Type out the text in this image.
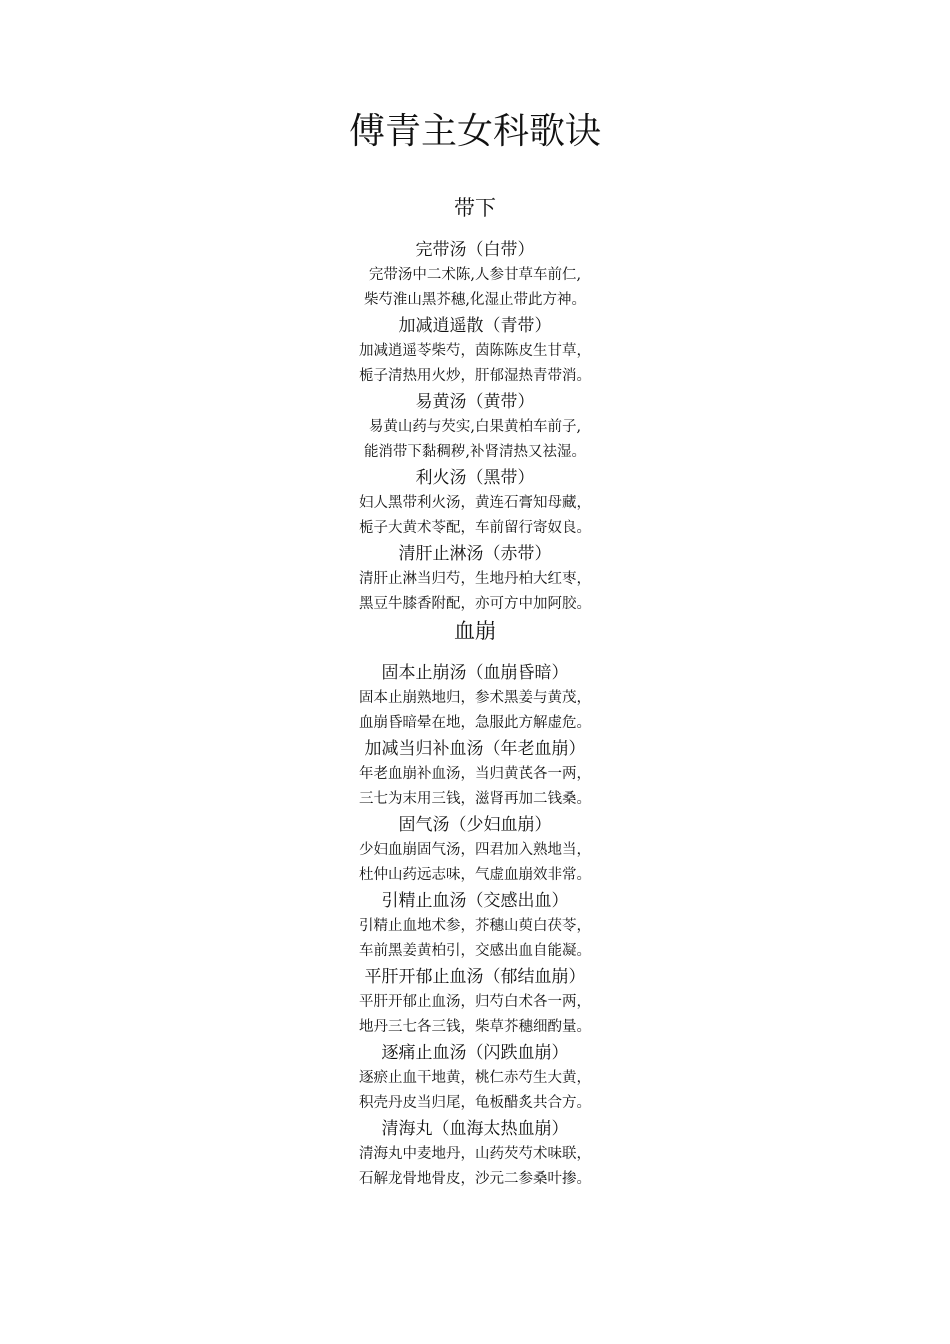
傅青主女科歌诀
带下
完带汤（白带）
完带汤中二术陈,人参甘草车前仁,
柴芍淮山黑芥穗,化湿止带此方神。
加减逍遥散（青带）
加减逍遥苓柴芍，茵陈陈皮生甘草，
栀子清热用火炒，肝郁湿热青带消。
易黄汤（黄带）
易黄山药与芡实,白果黄柏车前子,
能消带下黏稠秽,补肾清热又祛湿。
利火汤（黑带）
妇人黑带利火汤，黄连石膏知母藏，
栀子大黄术苓配，车前留行寄奴良。
清肝止淋汤（赤带）
清肝止淋当归芍，生地丹柏大红枣，
黑豆牛膝香附配，亦可方中加阿胶。
血崩
固本止崩汤（血崩昏暗）
固本止崩熟地归，参术黑姜与黄茂，
血崩昏暗晕在地，急服此方解虚危。
加减当归补血汤（年老血崩）
年老血崩补血汤，当归黄芪各一两，
三七为末用三钱，滋肾再加二钱桑。
固气汤（少妇血崩）
少妇血崩固气汤，四君加入熟地当，
杜仲山药远志味，气虚血崩效非常。
引精止血汤（交感出血）
引精止血地术参，芥穗山萸白茯苓，
车前黑姜黄柏引，交感出血自能凝。
平肝开郁止血汤（郁结血崩）
平肝开郁止血汤，归芍白术各一两，
地丹三七各三钱，柴草芥穗细酌量。
逐痛止血汤（闪跌血崩）
逐瘀止血干地黄，桃仁赤芍生大黄，
积壳丹皮当归尾，龟板醋炙共合方。
清海丸（血海太热血崩）
清海丸中麦地丹，山药芡芍术味联，
石解龙骨地骨皮，沙元二参桑叶掺。
